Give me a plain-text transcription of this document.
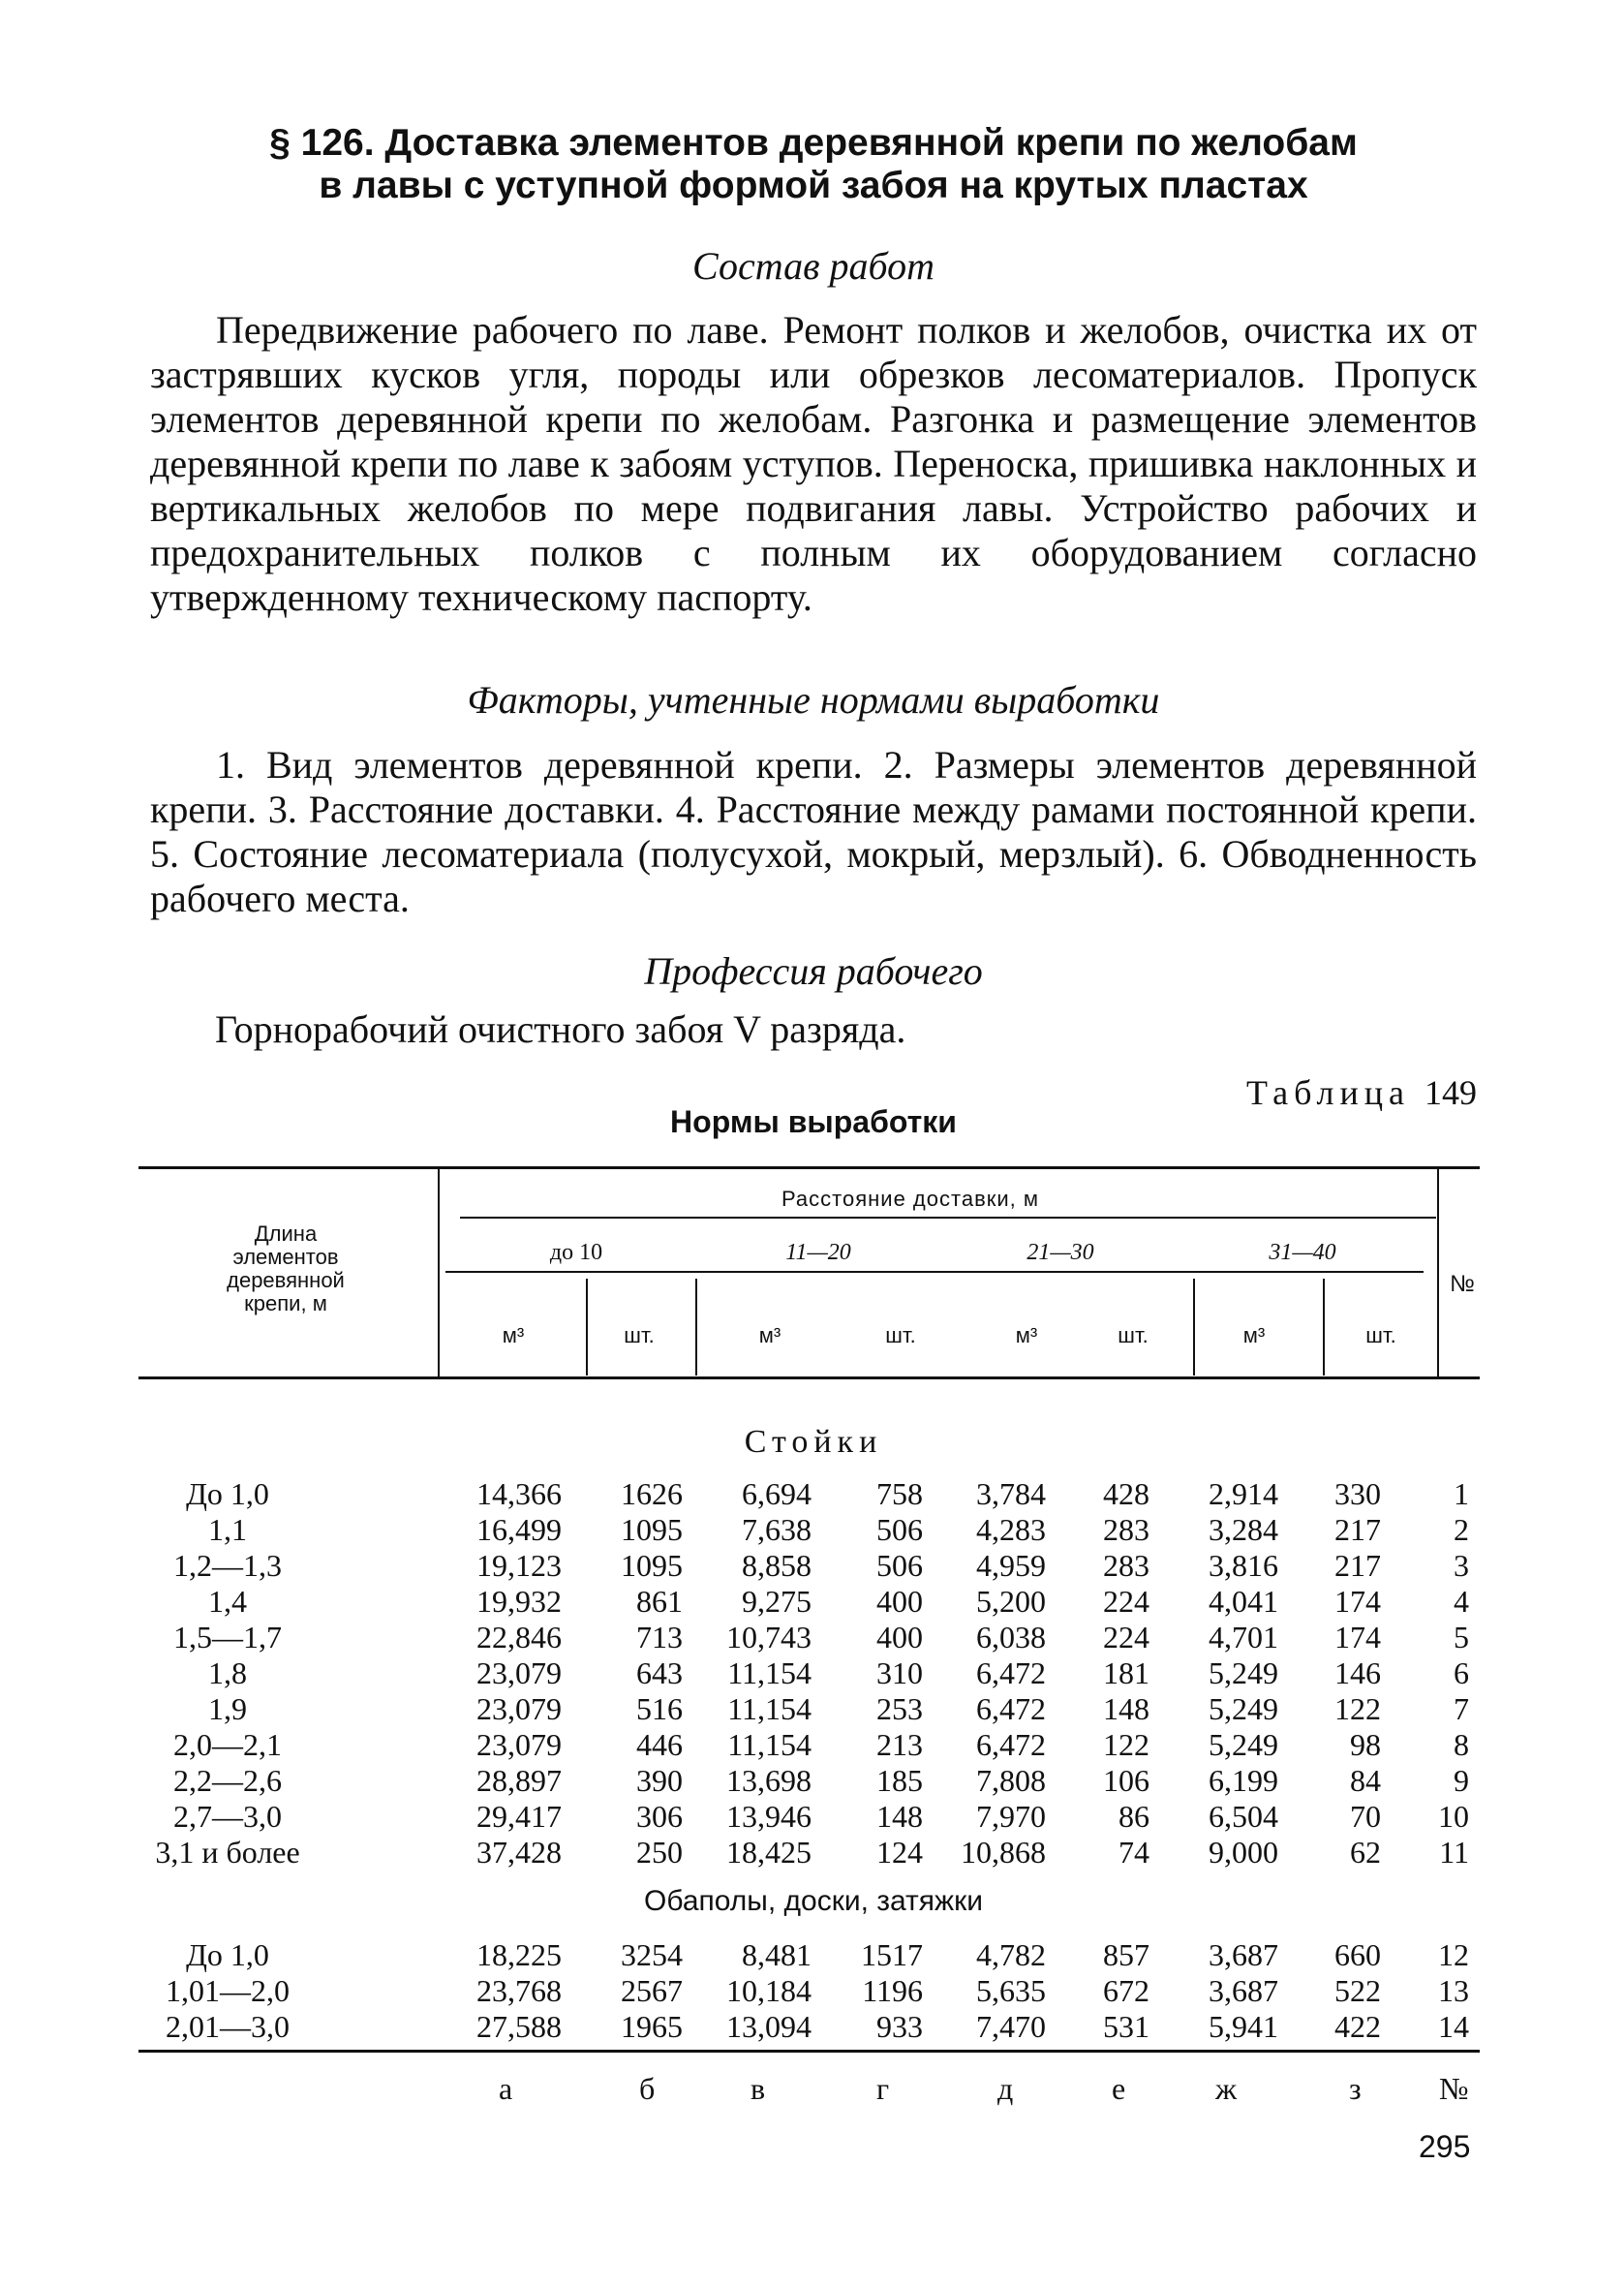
§ 126. Доставка элементов деревянной крепи по желобам
в лавы с уступной формой забоя на крутых пластах
Состав работ
Передвижение рабочего по лаве. Ремонт полков и желобов, очистка их от застрявших кусков угля, породы или обрезков лесоматериалов. Пропуск элементов деревянной крепи по желобам. Разгонка и размещение элементов деревянной крепи по лаве к забоям уступов. Переноска, пришивка наклонных и вертикальных желобов по мере подвигания лавы. Устройство рабочих и предохранительных полков с полным их оборудованием согласно утвержденному техническому паспорту.
Факторы, учтенные нормами выработки
1. Вид элементов деревянной крепи. 2. Размеры элементов деревянной крепи. 3. Расстояние доставки. 4. Расстояние между рамами постоянной крепи. 5. Состояние лесоматериала (полусухой, мокрый, мерзлый). 6. Обводненность рабочего места.
Профессия рабочего
Горнорабочий очистного забоя V разряда.
Таблица 149
Нормы выработки
Длина
элементов
деревянной
крепи, м
Расстояние доставки, м
до 10	11—20	21—30	31—40
№
м³	шт.	м³	шт.	м³	шт.	м³	шт.
Стойки
До 1,0	14,366 1626 6,694 758 3,784 428 2,914 330 1
1,1	16,499 1095 7,638 506 4,283 283 3,284 217 2
1,2—1,3	19,123 1095 8,858 506 4,959 283 3,816 217 3
1,4	19,932 861 9,275 400 5,200 224 4,041 174 4
1,5—1,7	22,846 713 10,743 400 6,038 224 4,701 174 5
1,8	23,079 643 11,154 310 6,472 181 5,249 146 6
1,9	23,079 516 11,154 253 6,472 148 5,249 122 7
2,0—2,1	23,079 446 11,154 213 6,472 122 5,249 98 8
2,2—2,6	28,897 390 13,698 185 7,808 106 6,199 84 9
2,7—3,0	29,417 306 13,946 148 7,970 86 6,504 70 10
3,1 и более	37,428 250 18,425 124 10,868 74 9,000 62 11
Обаполы, доски, затяжки
До 1,0	18,225 3254 8,481 1517 4,782 857 3,687 660 12
1,01—2,0	23,768 2567 10,184 1196 5,635 672 3,687 522 13
2,01—3,0	27,588 1965 13,094 933 7,470 531 5,941 422 14
а	б	в	г	д	е	ж	з	№
295
